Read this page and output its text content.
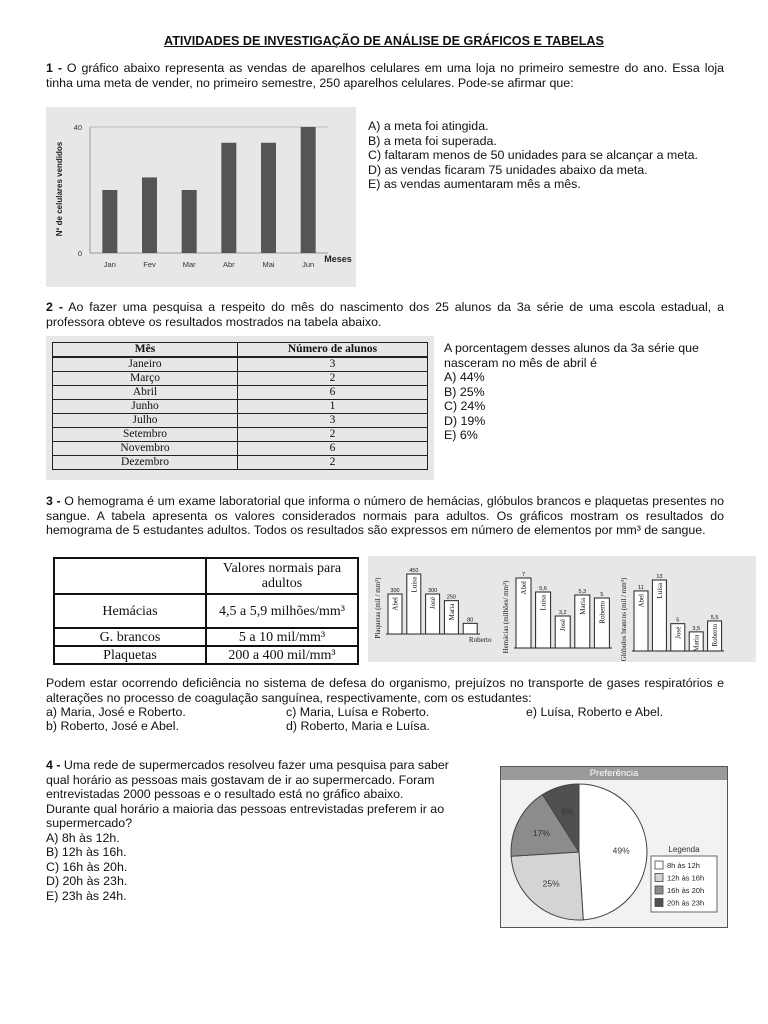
ATIVIDADES DE INVESTIGAÇÃO DE ANÁLISE DE GRÁFICOS E TABELAS
1 - O gráfico abaixo representa as vendas de aparelhos celulares em uma loja no primeiro semestre do ano. Essa loja tinha uma meta de vender, no primeiro semestre, 250 aparelhos celulares. Pode-se afirmar que:
Nº de celulares vendidos
Meses
0
40
Jan	Fev	Mar	Abr	Mai	Jun
A) a meta foi atingida.
B) a meta foi superada.
C) faltaram menos de 50 unidades para se alcançar a meta.
D) as vendas ficaram 75 unidades abaixo da meta.
E) as vendas aumentaram mês a mês.
2 - Ao fazer uma pesquisa a respeito do mês do nascimento dos 25 alunos da 3a série de uma escola estadual, a professora obteve os resultados mostrados na tabela abaixo.
Mês	Número de alunos
Janeiro	3
Março	2
Abril	6
Junho	1
Julho	3
Setembro	2
Novembro	6
Dezembro	2
A porcentagem desses alunos da 3a série que
nasceram no mês de abril é
A) 44%
B) 25%
C) 24%
D) 19%
E) 6%
3 - O hemograma é um exame laboratorial que informa o número de hemácias, glóbulos brancos e plaquetas presentes no sangue. A tabela apresenta os valores considerados normais para adultos. Os gráficos mostram os resultados do hemograma de 5 estudantes adultos. Todos os resultados são expressos em número de elementos por mm³ de sangue.
	Valores normais para adultos
Hemácias	4,5 a 5,9 milhões/mm³
G. brancos	5 a 10 mil/mm³
Plaquetas	200 a 400 mil/mm³
Plaquetas (mil / mm³) 300
Abel
450
Luísa 300
José 250
Maria 80
Roberto Hemácias (milhões/ mm³)
7
Abel 5,6
Luísa
3,2
José
5,3
Maria
5
Roberto Glóbulos brancos (mil / mm³) 11
Abel
13
Luísa
5
José 3,5
Maria
5,5
Roberto
Podem estar ocorrendo deficiência no sistema de defesa do organismo, prejuízos no transporte de gases respiratórios e alterações no processo de coagulação sanguínea, respectivamente, com os estudantes:
a) Maria, José e Roberto.
b) Roberto, José e Abel.
c) Maria, Luísa e Roberto.
d) Roberto, Maria e Luísa.
e) Luísa, Roberto e Abel.
4 - Uma rede de supermercados resolveu fazer uma pesquisa para saber
qual horário as pessoas mais gostavam de ir ao supermercado. Foram
entrevistadas 2000 pessoas e o resultado está no gráfico abaixo.
Durante qual horário a maioria das pessoas entrevistadas preferem ir ao
supermercado?
A) 8h às 12h.
B) 12h às 16h.
C) 16h às 20h.
D) 20h às 23h.
E) 23h às 24h.
Preferência
49%
25%
17%
9%
Legenda
8h às 12h
12h às 16h
16h às 20h
20h às 23h
